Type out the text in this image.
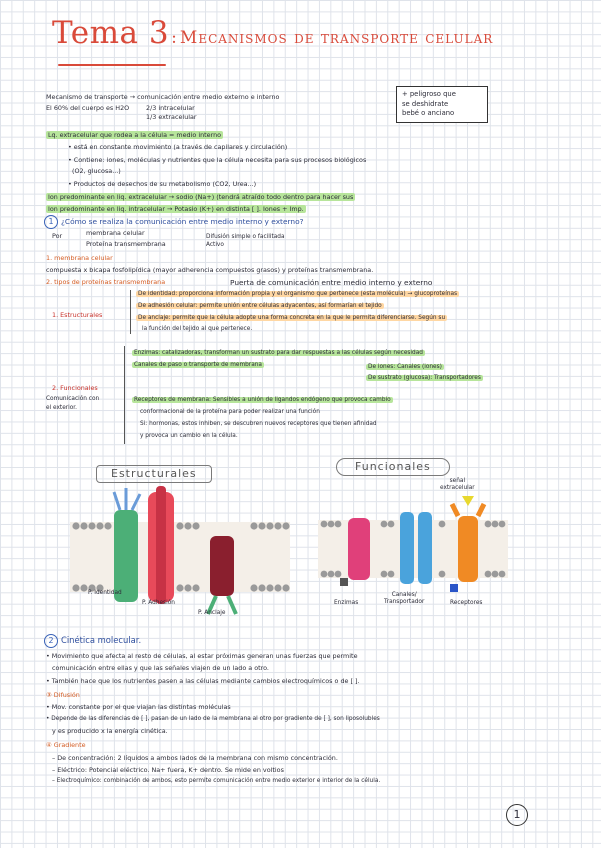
Tema 3 : Mecanismos de transporte celular
Mecanismo de transporte → comunicación entre medio externo e interno
El 60% del cuerpo es H2O	2/3 intracelular
1/3 extracelular
+ peligroso que
se deshidrate
bebé o anciano
Lq. extracelular que rodea a la célula = medio interno
• está en constante movimiento (a través de capilares y circulación)
• Contiene: iones, moléculas y nutrientes que la célula necesita para sus procesos biológicos
(O2, glucosa...)
• Productos de desechos de su metabolismo (CO2, Urea...)
Ion predominante en liq. extracelular → sodio (Na+) (tendrá atraído todo dentro para hacer sus
Ion predominante en liq. intracelular → Potasio (K+) en distinta [ ]. Iones + Imp.
1 ¿Cómo se realiza la comunicación entre medio interno y externo?
Por	membrana celular
Proteína transmembrana
Difusión simple o facilitada
Activo
1. membrana celular
compuesta x bicapa fosfolipídica (mayor adherencia compuestos grasos) y proteínas transmembrana.
2. tipos de proteínas transmembrana	Puerta de comunicación entre medio interno y externo
1. Estructurales
De identidad: proporciona información propia y el organismo que pertenece (esta molécula) → glucoproteínas
De adhesión celular: permite unión entre células adyacentes, así formarían el tejido
De anclaje: permite que la célula adopte una forma concreta en la que le permita diferenciarse. Según su
la función del tejido al que pertenece.
2. Funcionales
Comunicación con
el exterior.
Enzimas: catalizadoras, transforman un sustrato para dar respuestas a las células según necesidad
Canales de paso o transporte de membrana	De iones: Canales (iones)
De sustrato (glucosa): Transportadores
Receptores de membrana: Sensibles a unión de ligandos endógeno que provoca cambio
conformacional de la proteína para poder realizar una función
Si: hormonas, estos inhiben, se descubren nuevos receptores que tienen afinidad
y provoca un cambio en la célula.
Estructurales
P. Identidad
P. Adhesión
P. Anclaje
Funcionales
señal
extracelular
Enzimas
Canales/
Transportador	Receptores
2 Cinética molecular.
• Movimiento que afecta al resto de células, al estar próximas generan unas fuerzas que permite
comunicación entre ellas y que las señales viajen de un lado a otro.
• También hace que los nutrientes pasen a las células mediante cambios electroquímicos o de [ ].
③ Difusión
• Mov. constante por el que viajan las distintas moléculas
• Depende de las diferencias de [ ], pasan de un lado de la membrana al otro por gradiente de [ ], son liposolubles
y es producido x la energía cinética.
④ Gradiente
– De concentración: 2 líquidos a ambos lados de la membrana con mismo concentración.
– Eléctrico: Potencial eléctrico. Na+ fuera, K+ dentro. Se mide en voltios
– Electroquímico: combinación de ambos, esto permite comunicación entre medio exterior e interior de la célula.
1
